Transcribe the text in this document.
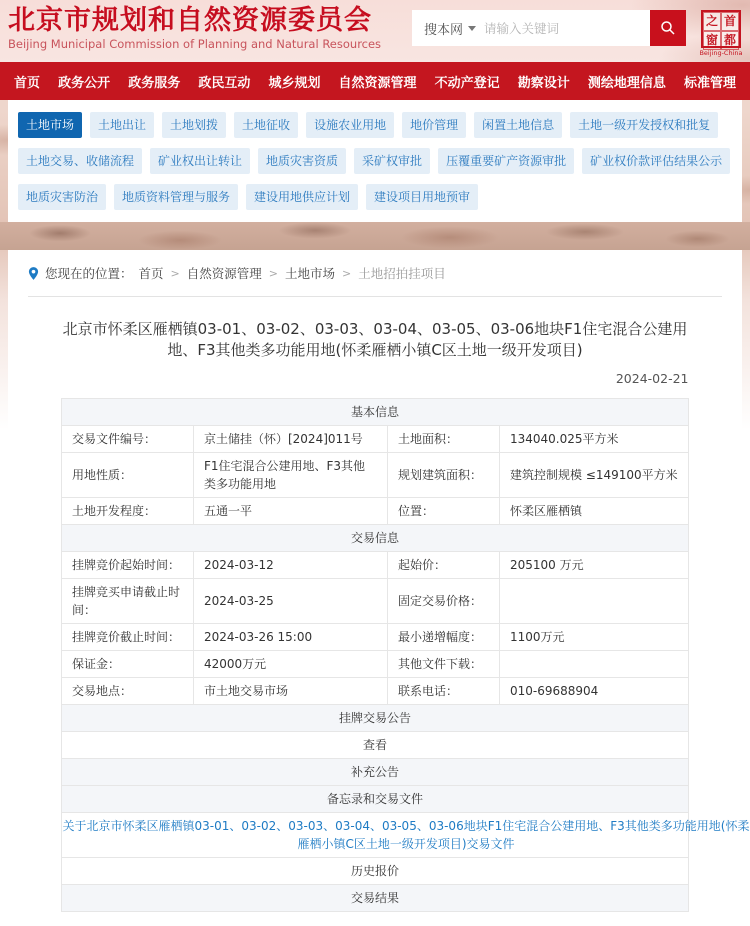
北京市规划和自然资源委员会
Beijing Municipal Commission of Planning and Natural Resources
搜本网
请输入关键词
之 首
窗 都
Beijing-China
首页 政务公开 政务服务 政民互动 城乡规划 自然资源管理 不动产登记 勘察设计 测绘地理信息 标准管理
土地市场	土地出让	土地划拨	土地征收	设施农业用地	地价管理	闲置土地信息	土地一级开发授权和批复
土地交易、收储流程	矿业权出让转让	地质灾害资质	采矿权审批	压覆重要矿产资源审批	矿业权价款评估结果公示
地质灾害防治	地质资料管理与服务	建设用地供应计划	建设项目用地预审
您现在的位置： 首页 > 自然资源管理 > 土地市场 > 土地招拍挂项目
北京市怀柔区雁栖镇03-01、03-02、03-03、03-04、03-05、03-06地块F1住宅混合公建用地、F3其他类多功能用地(怀柔雁栖小镇C区土地一级开发项目)
2024-02-21
基本信息			
交易文件编号：	京土储挂（怀）[2024]011号	土地面积：	134040.025平方米
用地性质：	F1住宅混合公建用地、F3其他类多功能用地	规划建筑面积：	建筑控制规模 ≤149100平方米
土地开发程度：	五通一平	位置：	怀柔区雁栖镇
交易信息			
挂牌竞价起始时间：	2024-03-12	起始价：	205100 万元
挂牌竞买申请截止时间：	2024-03-25	固定交易价格：	
挂牌竞价截止时间：	2024-03-26 15:00	最小递增幅度：	1100万元
保证金：	42000万元	其他文件下载：	
交易地点：	市土地交易市场	联系电话：	010-69688904
挂牌交易公告			
查看			
补充公告			
备忘录和交易文件			

关于北京市怀柔区雁栖镇03-01、03-02、03-03、03-04、03-05、03-06地块F1住宅混合公建用地、F3其他类多功能用地(怀柔雁栖小镇C区土地一级开发项目)交易文件			

历史报价			
交易结果			
